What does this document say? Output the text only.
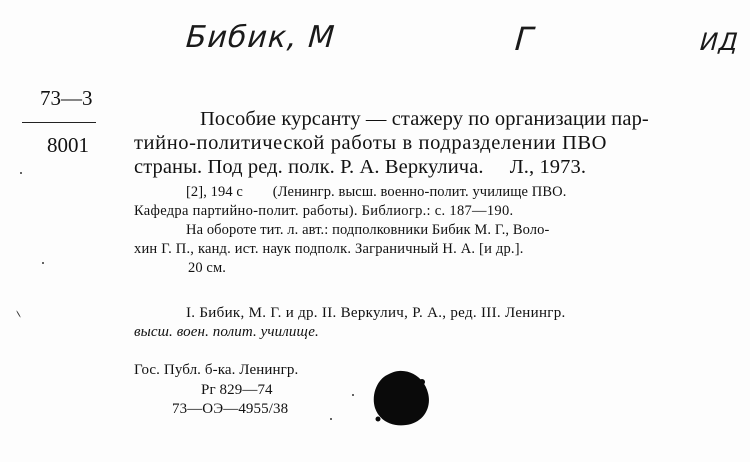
Бибик, М	Г	ИД
73—3
8001
Пособие курсанту — стажеру по организации пар-
тийно-политической работы в подразделении ПВО
страны. Под ред. полк. Р. А. Веркулича.     Л., 1973.
[2], 194 с        (Ленингр. высш. военно-полит. училище ПВО.
Кафедра партийно-полит. работы). Библиогр.: с. 187—190.
На обороте тит. л. авт.: подполковники Бибик М. Г., Воло-
хин Г. П., канд. ист. наук подполк. Заграничный Н. А. [и др.].
20 см.
I. Бибик, М. Г. и др. II. Веркулич, Р. А., ред. III. Ленингр.
высш. воен. полит. училище.
Гос. Публ. б-ка. Ленингр.
Рг 829—74
73—ОЭ—4955/38
